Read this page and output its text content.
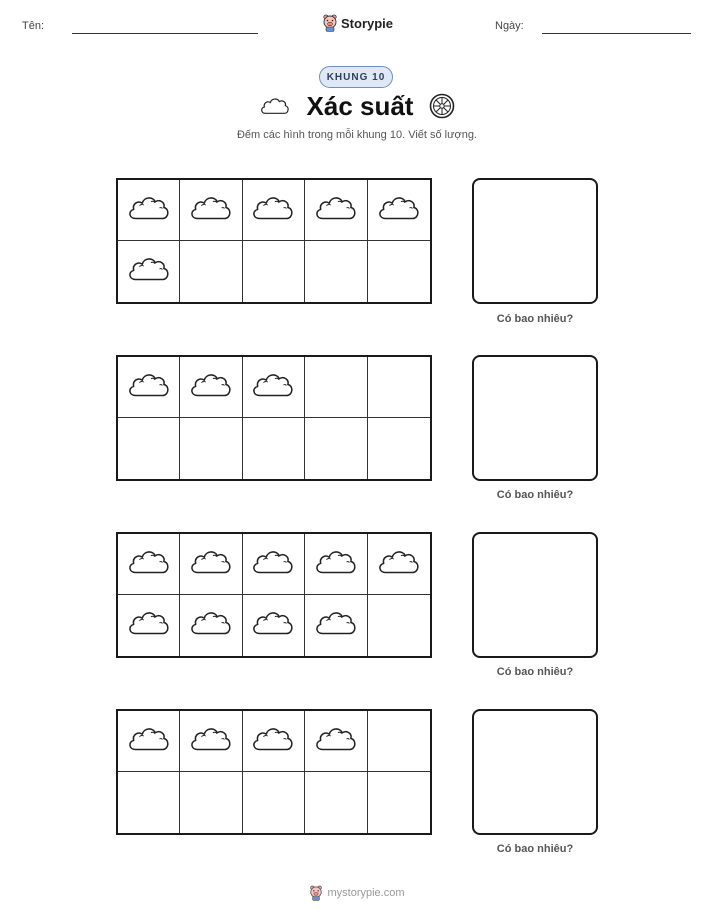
Tên:	Storypie	Ngày:
KHUNG 10
Xác suất
Đếm các hình trong mỗi khung 10. Viết số lượng.
Có bao nhiêu?
Có bao nhiêu?
Có bao nhiêu?
Có bao nhiêu?
mystorypie.com
